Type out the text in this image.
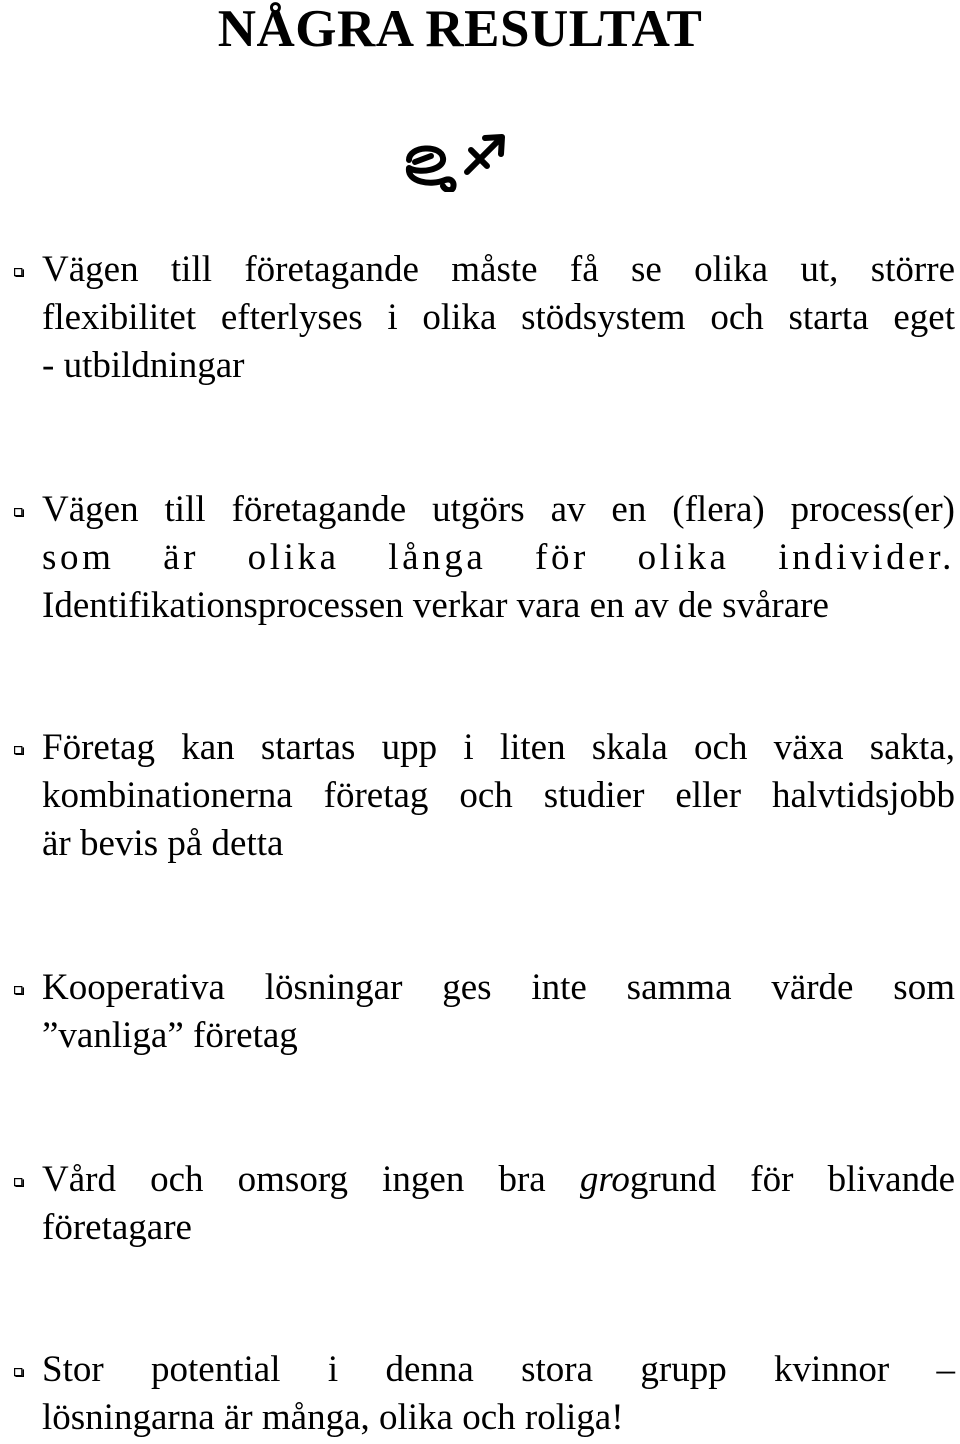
NÅGRA RESULTAT
Vägen till företagande måste få se olika ut, större
flexibilitet efterlyses i olika stödsystem och starta eget
- utbildningar
Vägen till företagande utgörs av en (flera) process(er)
som är olika långa för olika individer.
Identifikationsprocessen verkar vara en av de svårare
Företag kan startas upp i liten skala och växa sakta,
kombinationerna företag och studier eller halvtidsjobb
är bevis på detta
Kooperativa lösningar ges inte samma värde som
”vanliga” företag
Vård och omsorg ingen bra grogrund för blivande
företagare
Stor potential i denna stora grupp kvinnor –
lösningarna är många, olika och roliga!
